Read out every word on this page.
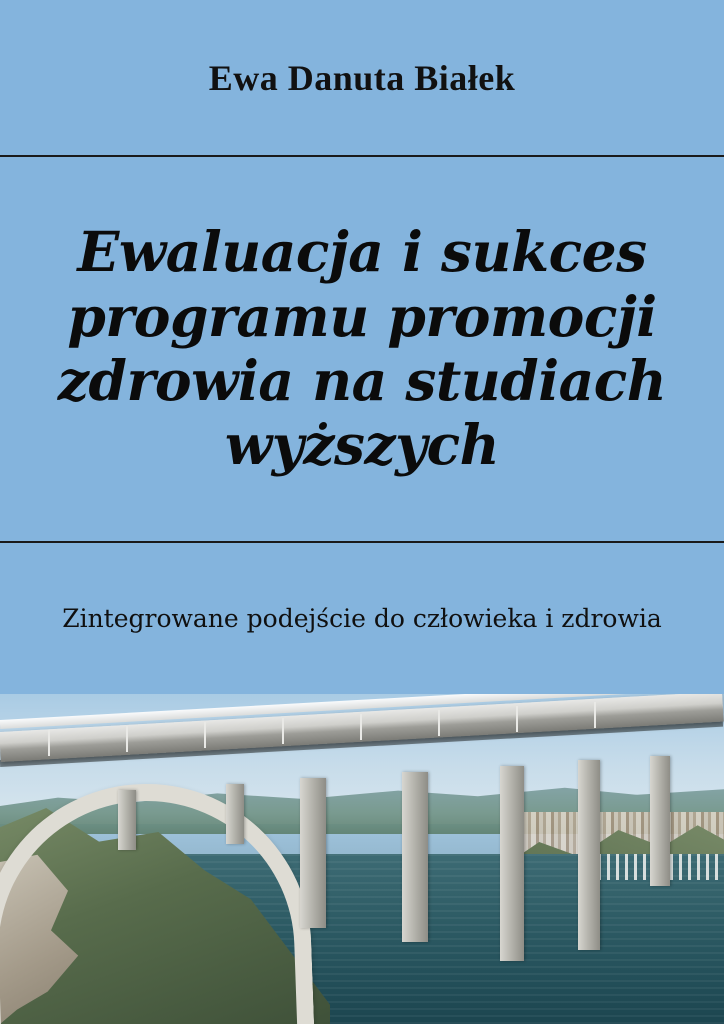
Ewa Danuta Białek
Ewaluacja i sukces programu promocji zdrowia na studiach wyższych
Zintegrowane podejście do człowieka i zdrowia
